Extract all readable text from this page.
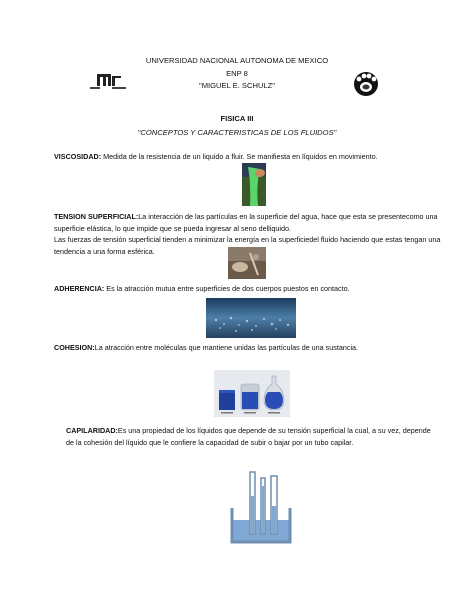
UNIVERSIDAD NACIONAL AUTONOMA DE MEXICO
ENP 8
"MIGUEL E. SCHULZ"
FISICA III
"CONCEPTOS Y CARACTERISTICAS DE LOS FLUIDOS"
VISCOSIDAD: Medida de la resistencia de un liquido a fluir. Se manifiesta en líquidos en movimiento.
TENSION SUPERFICIAL:La interacción de las partículas en la superficie del agua, hace que esta se presentecomo una superficie elástica, lo que impide que se pueda ingresar al seno delliquido.
Las fuerzas de tensión superficial tienden a minimizar la energía en la superficiedel fluido haciendo que estas tengan una tendencia a una forma esférica.
ADHERENCIA: Es la atracción mutua entre superficies de dos cuerpos puestos en contacto.
COHESION:La atracción entre moléculas que mantiene unidas las partículas de una sustancia.
CAPILARIDAD:Es una propiedad de los líquidos que depende de su tensión superficial la cual, a su vez, depende de la cohesión del líquido que le confiere la capacidad de subir o bajar por un tubo capilar.
